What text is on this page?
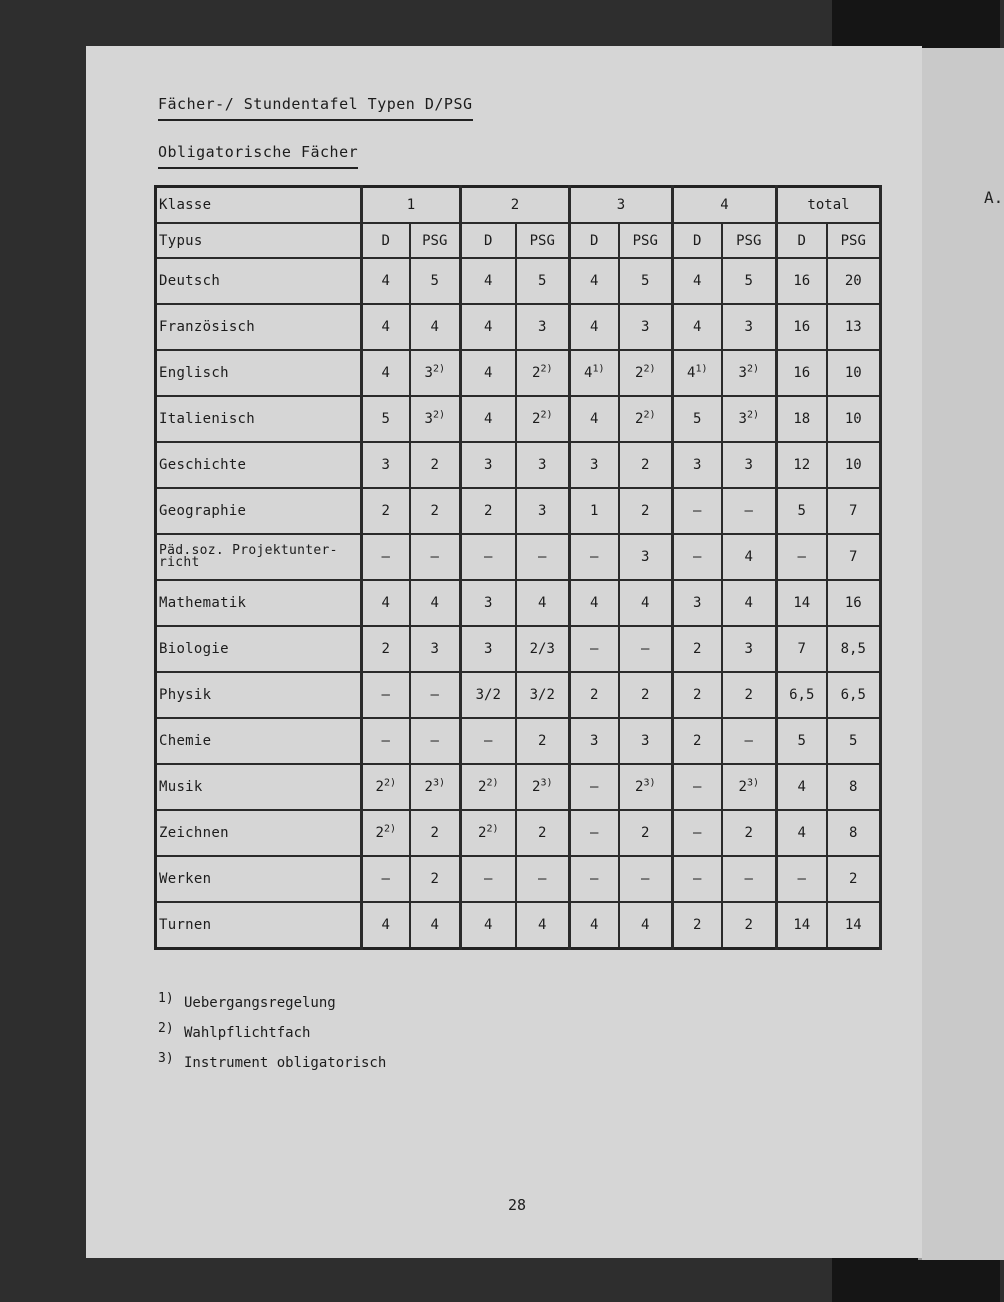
A.
Fächer-/ Stundentafel Typen D/PSG
Obligatorische Fächer
Klasse	1		2		3		4		total	
Typus	D	PSG	D	PSG	D	PSG	D	PSG	D	PSG
Deutsch	4	5	4	5	4	5	4	5	16	20
Französisch	4	4	4	3	4	3	4	3	16	13
Englisch	4	3$^{2)}$	4	2$^{2)}$	4$^{1)}$	2$^{2)}$	4$^{1)}$	3$^{2)}$	16	10
Italienisch	5	3$^{2)}$	4	2$^{2)}$	4	2$^{2)}$	5	3$^{2)}$	18	10
Geschichte	3	2	3	3	3	2	3	3	12	10
Geographie	2	2	2	3	1	2	–	–	5	7
Päd.soz. Projektunter-richt	–	–	–	–	–	3	–	4	–	7
Mathematik	4	4	3	4	4	4	3	4	14	16
Biologie	2	3	3	2/3	–	–	2	3	7	8,5
Physik	–	–	3/2	3/2	2	2	2	2	6,5	6,5
Chemie	–	–	–	2	3	3	2	–	5	5
Musik	2$^{2)}$	2$^{3)}$	2$^{2)}$	2$^{3)}$	–	2$^{3)}$	–	2$^{3)}$	4	8
Zeichnen	2$^{2)}$	2	2$^{2)}$	2	–	2	–	2	4	8
Werken	–	2	–	–	–	–	–	–	–	2
Turnen	4	4	4	4	4	4	2	2	14	14
1) Uebergangsregelung
2) Wahlpflichtfach
3) Instrument obligatorisch
28
